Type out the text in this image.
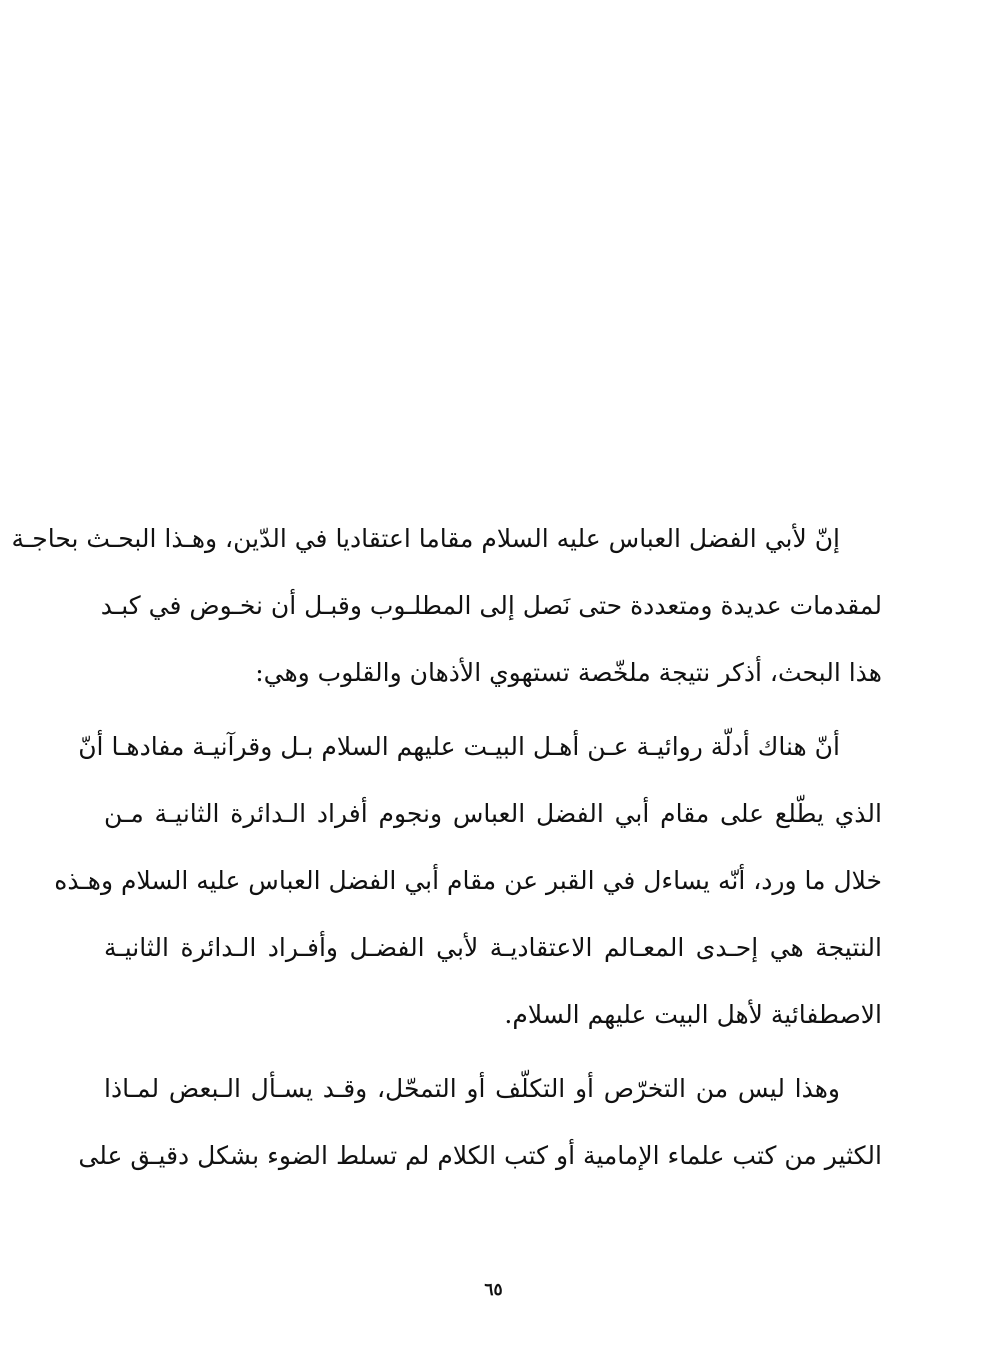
إنّ لأبي الفضل العباس عليه السلام مقاما اعتقاديا في الدّين، وهـذا البحـث بحاجـة
لمقدمات عديدة ومتعددة حتى نَصل إلى المطلـوب وقبـل أن نخـوض في كبـد
هذا البحث، أذكر نتيجة ملخّصة تستهوي الأذهان والقلوب وهي:
أنّ هناك أدلّة روائيـة عـن أهـل البيـت عليهم السلام بـل وقرآنيـة مفادهـا أنّ
الذي يطّلع على مقام أبي الفضل العباس ونجوم أفراد الـدائرة الثانيـة مـن
خلال ما ورد، أنّه يساءل في القبر عن مقام أبي الفضل العباس عليه السلام وهـذه
النتيجة هي إحـدى المعـالم الاعتقاديـة لأبي الفضـل وأفـراد الـدائرة الثانيـة
الاصطفائية لأهل البيت عليهم السلام.
وهذا ليس من التخرّص أو التكلّف أو التمحّل، وقـد يسـأل الـبعض لمـاذا
الكثير من كتب علماء الإمامية أو كتب الكلام لم تسلط الضوء بشكل دقيـق على
٦٥
